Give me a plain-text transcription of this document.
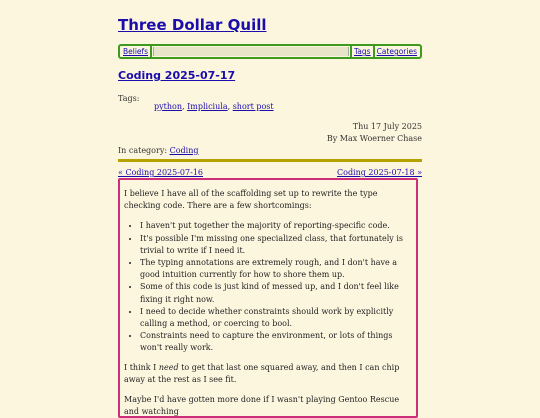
Three Dollar Quill
Beliefs	Tags Categories
Coding 2025-07-17
Tags:
python, Impliciula, short post
Thu 17 July 2025
By Max Woerner Chase
In category: Coding
« Coding 2025-07-16	Coding 2025-07-18 »

I believe I have all of the scaffolding set up to rewrite the type checking code. There are a few shortcomings:

• I haven't put together the majority of reporting-specific code.
• It's possible I'm missing one specialized class, that fortunately is trivial to write if I need it.
• The typing annotations are extremely rough, and I don't have a good intuition currently for how to shore them up.
• Some of this code is just kind of messed up, and I don't feel like fixing it right now.
• I need to decide whether constraints should work by explicitly calling a method, or coercing to bool.
• Constraints need to capture the environment, or lots of things won't really work.

I think I need to get that last one squared away, and then I can chip away at the rest as I see fit.

Maybe I'd have gotten more done if I wasn't playing Gentoo Rescue and watching
